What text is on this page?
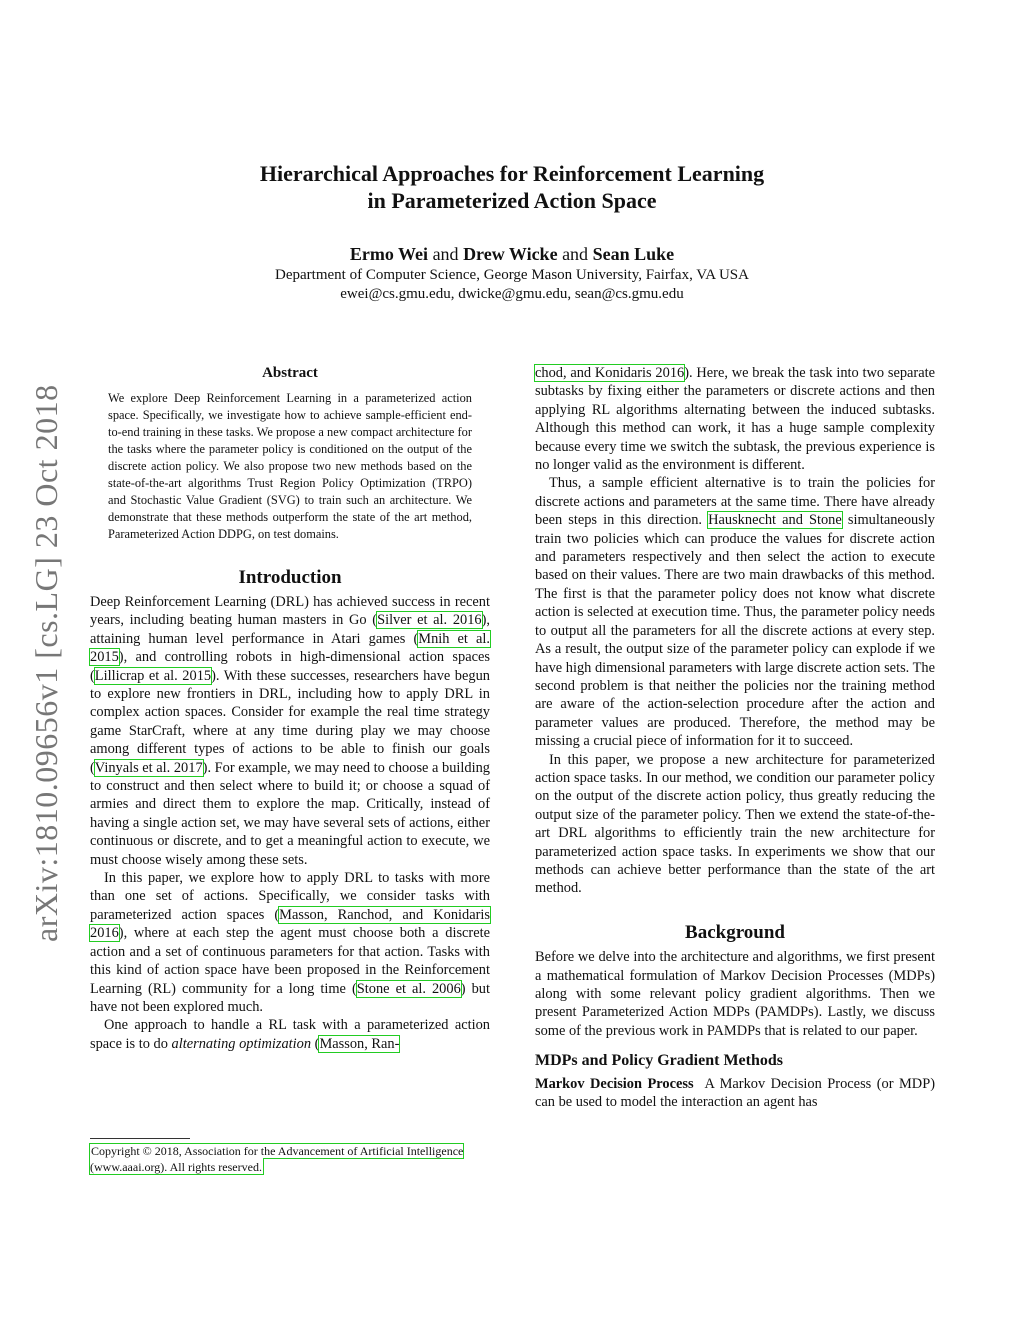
Hierarchical Approaches for Reinforcement Learning
in Parameterized Action Space
Ermo Wei and Drew Wicke and Sean Luke
Department of Computer Science, George Mason University, Fairfax, VA USA
ewei@cs.gmu.edu, dwicke@gmu.edu, sean@cs.gmu.edu
arXiv:1810.09656v1 [cs.LG] 23 Oct 2018
Abstract
We explore Deep Reinforcement Learning in a parameterized action space. Specifically, we investigate how to achieve sample-efficient end-to-end training in these tasks. We propose a new compact architecture for the tasks where the parameter policy is conditioned on the output of the discrete action policy. We also propose two new methods based on the state-of-the-art algorithms Trust Region Policy Optimization (TRPO) and Stochastic Value Gradient (SVG) to train such an architecture. We demonstrate that these methods outperform the state of the art method, Parameterized Action DDPG, on test domains.
Introduction

Deep Reinforcement Learning (DRL) has achieved success in recent years, including beating human masters in Go (Silver et al. 2016), attaining human level performance in Atari games (Mnih et al. 2015), and controlling robots in high-dimensional action spaces (Lillicrap et al. 2015). With these successes, researchers have begun to explore new frontiers in DRL, including how to apply DRL in complex action spaces. Consider for example the real time strategy game StarCraft, where at any time during play we may choose among different types of actions to be able to finish our goals (Vinyals et al. 2017). For example, we may need to choose a building to construct and then select where to build it; or choose a squad of armies and direct them to explore the map. Critically, instead of having a single action set, we may have several sets of actions, either continuous or discrete, and to get a meaningful action to execute, we must choose wisely among these sets.

In this paper, we explore how to apply DRL to tasks with more than one set of actions. Specifically, we consider tasks with parameterized action spaces (Masson, Ranchod, and Konidaris 2016), where at each step the agent must choose both a discrete action and a set of continuous parameters for that action. Tasks with this kind of action space have been proposed in the Reinforcement Learning (RL) community for a long time (Stone et al. 2006) but have not been explored much.

One approach to handle a RL task with a parameterized action space is to do alternating optimization (Masson, Ran-

Copyright © 2018, Association for the Advancement of Artificial Intelligence (www.aaai.org). All rights reserved.

chod, and Konidaris 2016). Here, we break the task into two separate subtasks by fixing either the parameters or discrete actions and then applying RL algorithms alternating between the induced subtasks. Although this method can work, it has a huge sample complexity because every time we switch the subtask, the previous experience is no longer valid as the environment is different.

Thus, a sample efficient alternative is to train the policies for discrete actions and parameters at the same time. There have already been steps in this direction. Hausknecht and Stone simultaneously train two policies which can produce the values for discrete action and parameters respectively and then select the action to execute based on their values. There are two main drawbacks of this method. The first is that the parameter policy does not know what discrete action is selected at execution time. Thus, the parameter policy needs to output all the parameters for all the discrete actions at every step. As a result, the output size of the parameter policy can explode if we have high dimensional parameters with large discrete action sets. The second problem is that neither the policies nor the training method are aware of the action-selection procedure after the action and parameter values are produced. Therefore, the method may be missing a crucial piece of information for it to succeed.

In this paper, we propose a new architecture for parameterized action space tasks. In our method, we condition our parameter policy on the output of the discrete action policy, thus greatly reducing the output size of the parameter policy. Then we extend the state-of-the-art DRL algorithms to efficiently train the new architecture for parameterized action space tasks. In experiments we show that our methods can achieve better performance than the state of the art method.

Background

Before we delve into the architecture and algorithms, we first present a mathematical formulation of Markov Decision Processes (MDPs) along with some relevant policy gradient algorithms. Then we present Parameterized Action MDPs (PAMDPs). Lastly, we discuss some of the previous work in PAMDPs that is related to our paper.

MDPs and Policy Gradient Methods

Markov Decision Process A Markov Decision Process (or MDP) can be used to model the interaction an agent has
